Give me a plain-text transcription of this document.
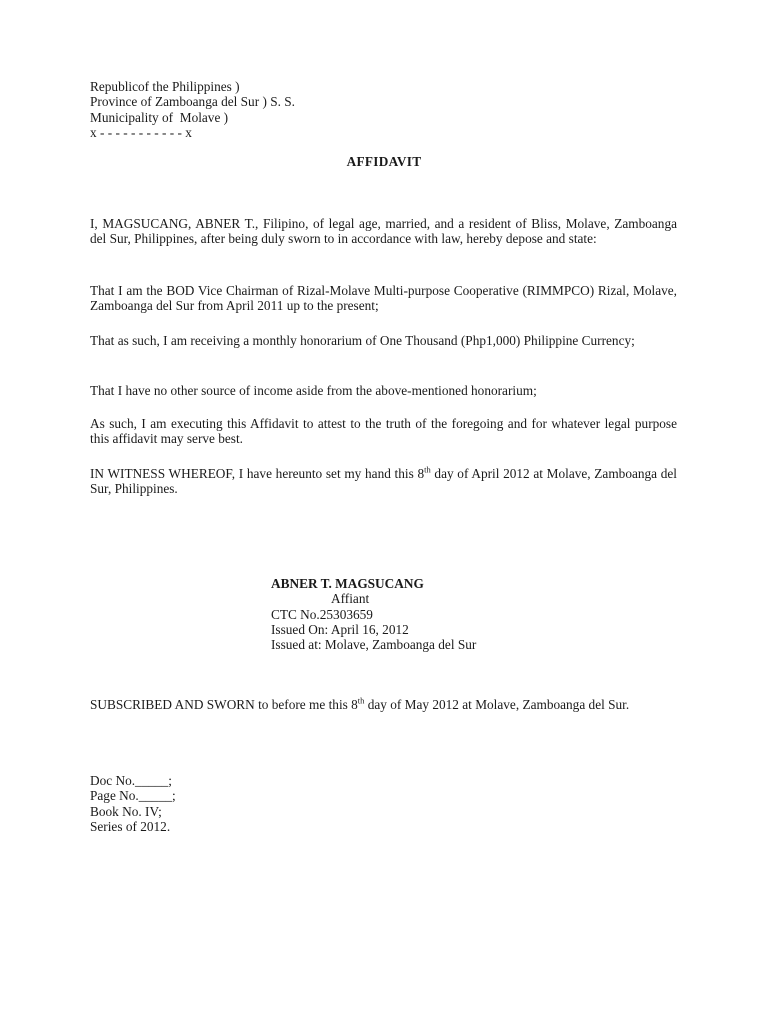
Republicof the Philippines )
Province of Zamboanga del Sur ) S. S.
Municipality of  Molave )
x - - - - - - - - - - - x
AFFIDAVIT

I, MAGSUCANG, ABNER T., Filipino, of legal age, married, and a resident of Bliss, Molave, Zamboanga del Sur, Philippines, after being duly sworn to in accordance with law, hereby depose and state:

That I am the BOD Vice Chairman of Rizal-Molave Multi-purpose Cooperative (RIMMPCO) Rizal, Molave, Zamboanga del Sur from April 2011 up to the present;

That as such, I am receiving a monthly honorarium of One Thousand (Php1,000) Philippine Currency;

That I have no other source of income aside from the above-mentioned honorarium;

As such, I am executing this Affidavit to attest to the truth of the foregoing and for whatever legal purpose this affidavit may serve best.

IN WITNESS WHEREOF, I have hereunto set my hand this 8th day of April 2012 at Molave, Zamboanga del Sur, Philippines.

ABNER T. MAGSUCANG
Affiant
CTC No.25303659
Issued On: April 16, 2012
Issued at: Molave, Zamboanga del Sur

SUBSCRIBED AND SWORN to before me this 8th day of May 2012 at Molave, Zamboanga del Sur.

Doc No._____;
Page No._____;
Book No. IV;
Series of 2012.
